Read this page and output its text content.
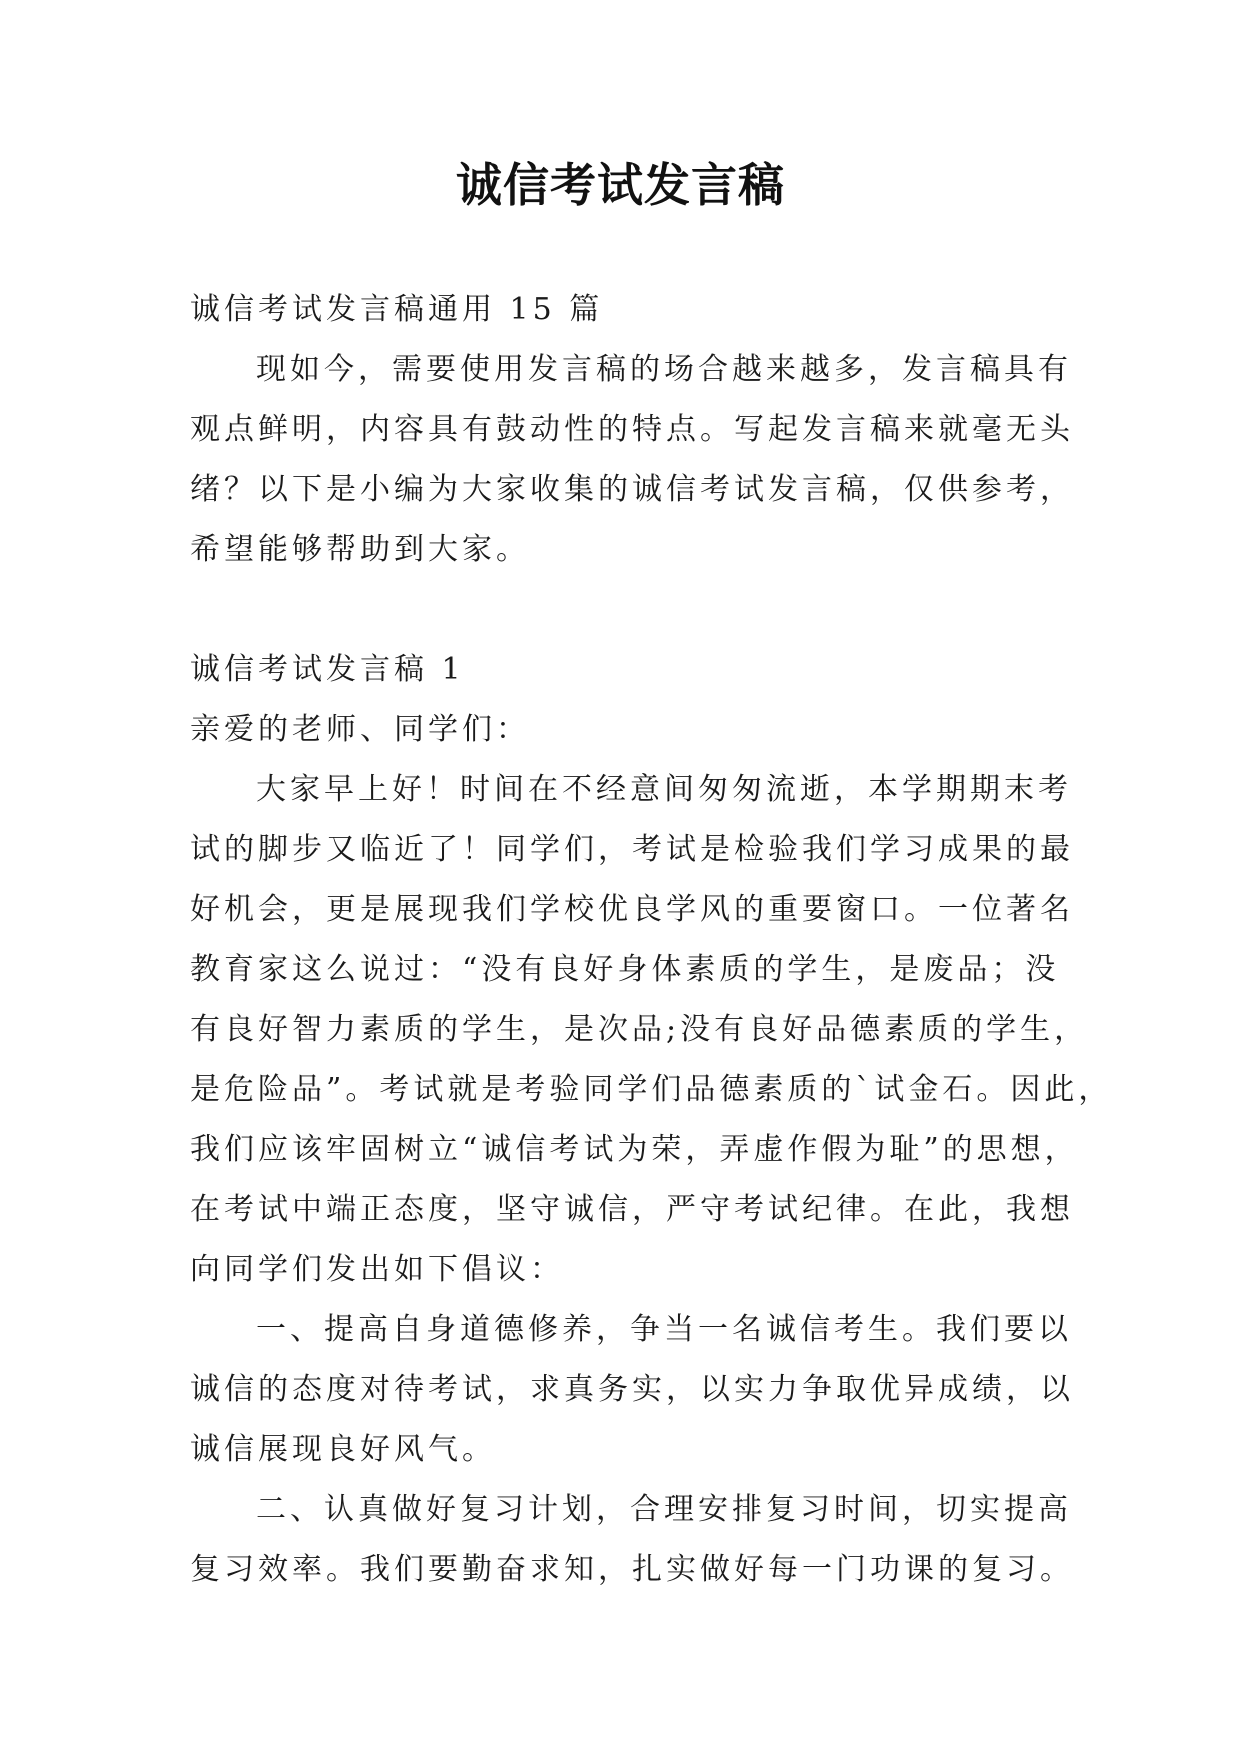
诚信考试发言稿
诚信考试发言稿通用 15 篇
现如今，需要使用发言稿的场合越来越多，发言稿具有
观点鲜明，内容具有鼓动性的特点。写起发言稿来就毫无头
绪？以下是小编为大家收集的诚信考试发言稿，仅供参考，
希望能够帮助到大家。
诚信考试发言稿 1
亲爱的老师、同学们：
大家早上好！时间在不经意间匆匆流逝，本学期期末考
试的脚步又临近了！同学们，考试是检验我们学习成果的最
好机会，更是展现我们学校优良学风的重要窗口。一位著名
教育家这么说过：“没有良好身体素质的学生，是废品；没
有良好智力素质的学生，是次品;没有良好品德素质的学生，
是危险品”。考试就是考验同学们品德素质的`试金石。因此，
我们应该牢固树立“诚信考试为荣，弄虚作假为耻”的思想，
在考试中端正态度，坚守诚信，严守考试纪律。在此，我想
向同学们发出如下倡议：
一、提高自身道德修养，争当一名诚信考生。我们要以
诚信的态度对待考试，求真务实，以实力争取优异成绩，以
诚信展现良好风气。
二、认真做好复习计划，合理安排复习时间，切实提高
复习效率。我们要勤奋求知，扎实做好每一门功课的复习。
